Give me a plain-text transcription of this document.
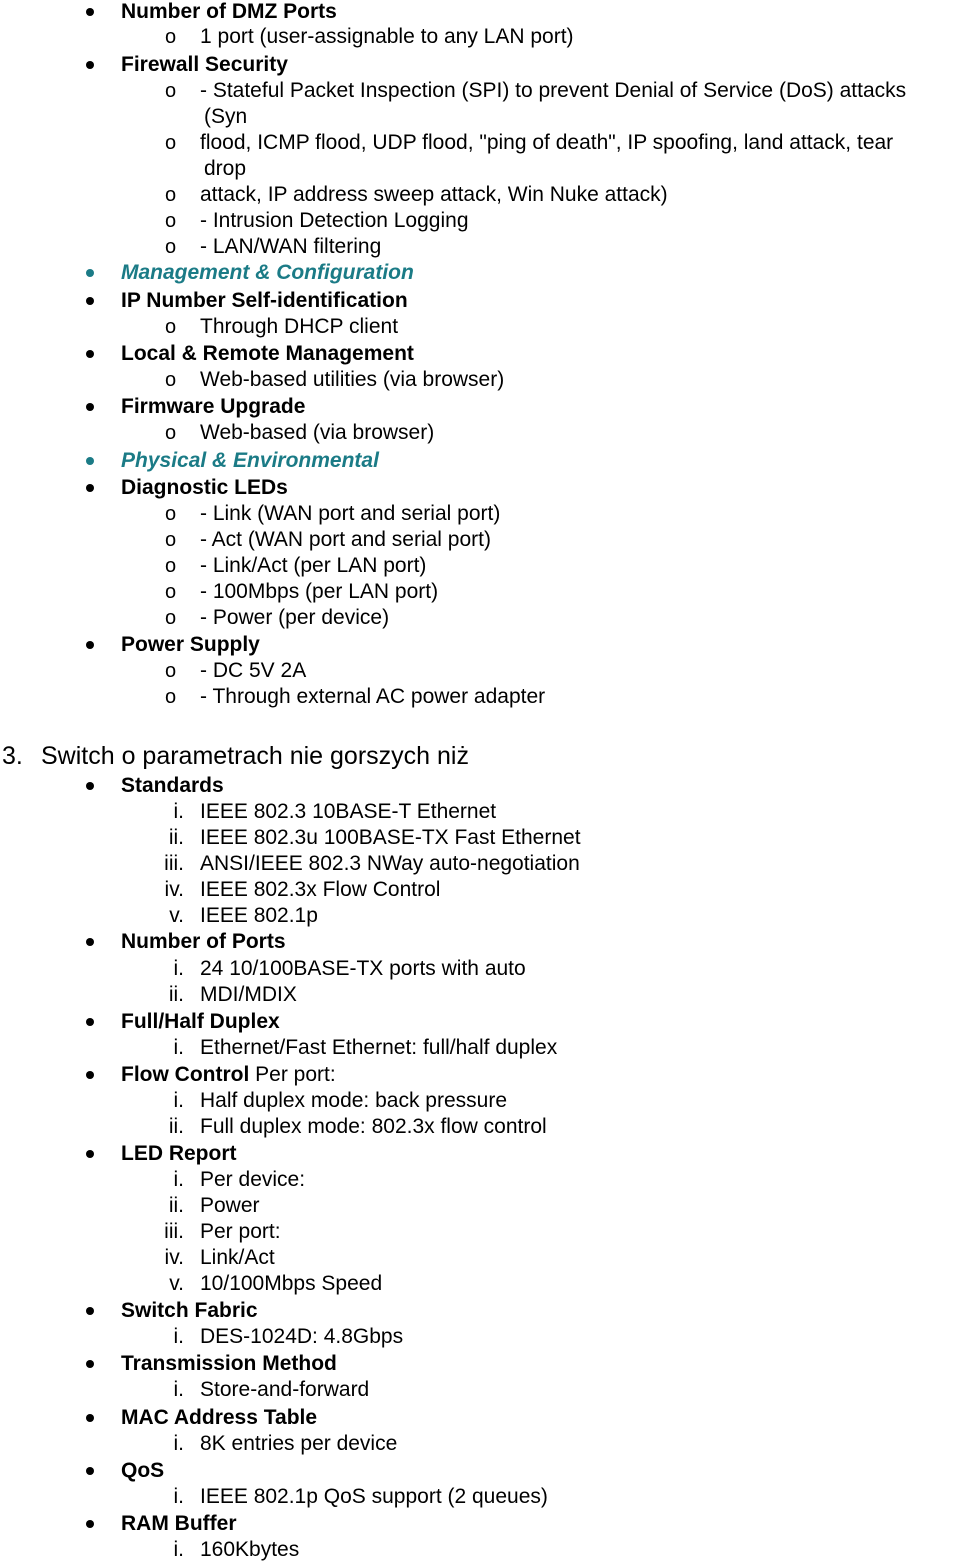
Number of DMZ Ports
o 1 port (user-assignable to any LAN port)
Firewall Security
o - Stateful Packet Inspection (SPI) to prevent Denial of Service (DoS) attacks
(Syn
o flood, ICMP flood, UDP flood, "ping of death", IP spoofing, land attack, tear
drop
o attack, IP address sweep attack, Win Nuke attack)
o - Intrusion Detection Logging
o - LAN/WAN filtering
Management & Configuration
IP Number Self-identification
o Through DHCP client
Local & Remote Management
o Web-based utilities (via browser)
Firmware Upgrade
o Web-based (via browser)
Physical & Environmental
Diagnostic LEDs
o - Link (WAN port and serial port)
o - Act (WAN port and serial port)
o - Link/Act (per LAN port)
o - 100Mbps (per LAN port)
o - Power (per device)
Power Supply
o - DC 5V 2A
o - Through external AC power adapter
3. Switch o parametrach nie gorszych niż
Standards
i. IEEE 802.3 10BASE-T Ethernet
ii. IEEE 802.3u 100BASE-TX Fast Ethernet
iii. ANSI/IEEE 802.3 NWay auto-negotiation
iv. IEEE 802.3x Flow Control
v. IEEE 802.1p
Number of Ports
i. 24 10/100BASE-TX ports with auto
ii. MDI/MDIX
Full/Half Duplex
i. Ethernet/Fast Ethernet: full/half duplex
Flow Control Per port:
i. Half duplex mode: back pressure
ii. Full duplex mode: 802.3x flow control
LED Report
i. Per device:
ii. Power
iii. Per port:
iv. Link/Act
v. 10/100Mbps Speed
Switch Fabric
i. DES-1024D: 4.8Gbps
Transmission Method
i. Store-and-forward
MAC Address Table
i. 8K entries per device
QoS
i. IEEE 802.1p QoS support (2 queues)
RAM Buffer
i. 160Kbytes
